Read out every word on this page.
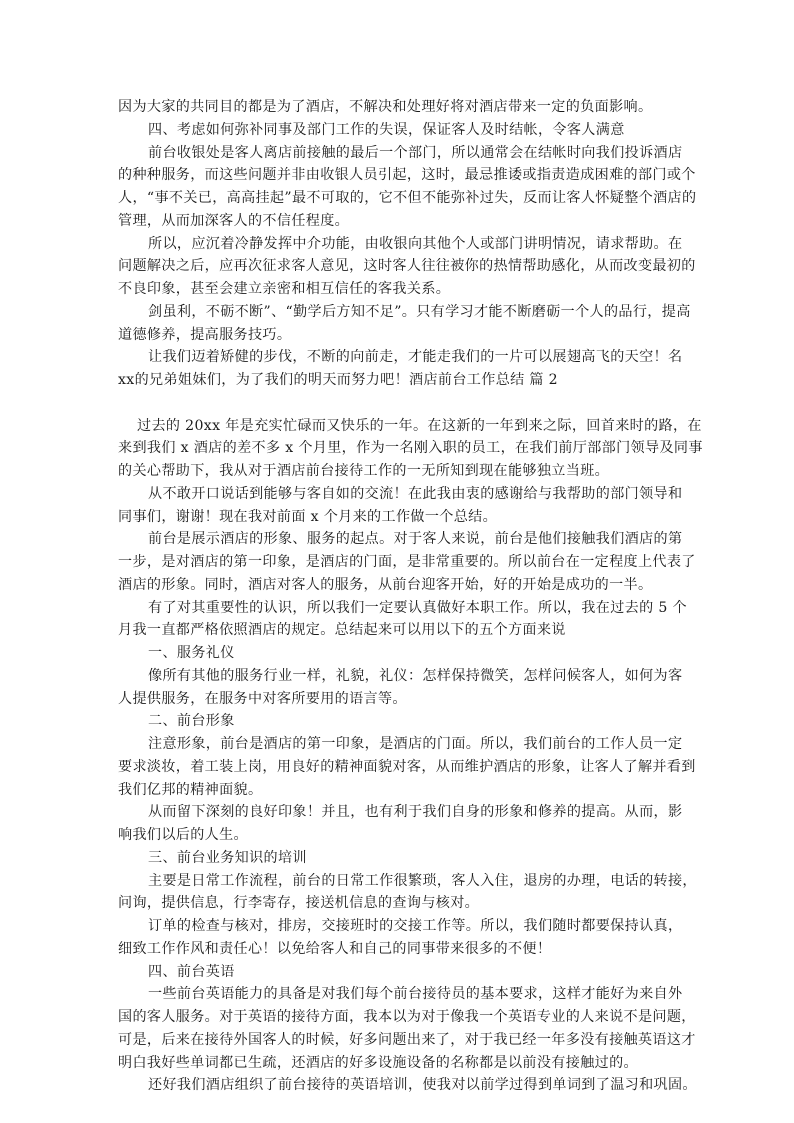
因为大家的共同目的都是为了酒店，不解决和处理好将对酒店带来一定的负面影响。
四、考虑如何弥补同事及部门工作的失误，保证客人及时结帐，令客人满意
前台收银处是客人离店前接触的最后一个部门，所以通常会在结帐时向我们投诉酒店
的种种服务，而这些问题并非由收银人员引起，这时，最忌推诿或指责造成困难的部门或个
人，“事不关已，高高挂起”最不可取的，它不但不能弥补过失，反而让客人怀疑整个酒店的
管理，从而加深客人的不信任程度。
所以，应沉着冷静发挥中介功能，由收银向其他个人或部门讲明情况，请求帮助。在
问题解决之后，应再次征求客人意见，这时客人往往被你的热情帮助感化，从而改变最初的
不良印象，甚至会建立亲密和相互信任的客我关系。
剑虽利，不砺不断”、“勤学后方知不足”。只有学习才能不断磨砺一个人的品行，提高
道德修养，提高服务技巧。
让我们迈着矫健的步伐，不断的向前走，才能走我们的一片可以展翅高飞的天空！名
xx的兄弟姐妹们，为了我们的明天而努力吧！酒店前台工作总结 篇 2
过去的 20xx 年是充实忙碌而又快乐的一年。在这新的一年到来之际，回首来时的路，在
来到我们 x 酒店的差不多 x 个月里，作为一名刚入职的员工，在我们前厅部部门领导及同事
的关心帮助下，我从对于酒店前台接待工作的一无所知到现在能够独立当班。
从不敢开口说话到能够与客自如的交流！在此我由衷的感谢给与我帮助的部门领导和
同事们，谢谢！现在我对前面 x 个月来的工作做一个总结。
前台是展示酒店的形象、服务的起点。对于客人来说，前台是他们接触我们酒店的第
一步，是对酒店的第一印象，是酒店的门面，是非常重要的。所以前台在一定程度上代表了
酒店的形象。同时，酒店对客人的服务，从前台迎客开始，好的开始是成功的一半。
有了对其重要性的认识，所以我们一定要认真做好本职工作。所以，我在过去的 5 个
月我一直都严格依照酒店的规定。总结起来可以用以下的五个方面来说
一、服务礼仪
像所有其他的服务行业一样，礼貌，礼仪：怎样保持微笑，怎样问候客人，如何为客
人提供服务，在服务中对客所要用的语言等。
二、前台形象
注意形象，前台是酒店的第一印象，是酒店的门面。所以，我们前台的工作人员一定
要求淡妆，着工装上岗，用良好的精神面貌对客，从而维护酒店的形象，让客人了解并看到
我们亿邦的精神面貌。
从而留下深刻的良好印象！并且，也有利于我们自身的形象和修养的提高。从而，影
响我们以后的人生。
三、前台业务知识的培训
主要是日常工作流程，前台的日常工作很繁琐，客人入住，退房的办理，电话的转接，
问询，提供信息，行李寄存，接送机信息的查询与核对。
订单的检查与核对，排房，交接班时的交接工作等。所以，我们随时都要保持认真，
细致工作作风和责任心！以免给客人和自己的同事带来很多的不便！
四、前台英语
一些前台英语能力的具备是对我们每个前台接待员的基本要求，这样才能好为来自外
国的客人服务。对于英语的接待方面，我本以为对于像我一个英语专业的人来说不是问题，
可是，后来在接待外国客人的时候，好多问题出来了，对于我已经一年多没有接触英语这才
明白我好些单词都已生疏，还酒店的好多设施设备的名称都是以前没有接触过的。
还好我们酒店组织了前台接待的英语培训，使我对以前学过得到单词到了温习和巩固。
